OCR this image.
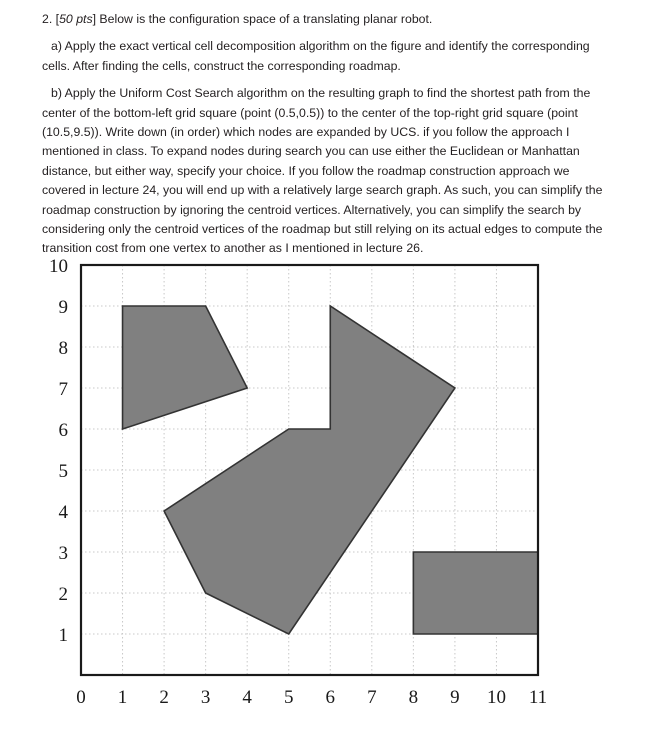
2. [50 pts] Below is the configuration space of a translating planar robot.

a) Apply the exact vertical cell decomposition algorithm on the figure and identify the corresponding cells. After finding the cells, construct the corresponding roadmap.

b) Apply the Uniform Cost Search algorithm on the resulting graph to find the shortest path from the center of the bottom-left grid square (point (0.5,0.5)) to the center of the top-right grid square (point (10.5,9.5)). Write down (in order) which nodes are expanded by UCS. if you follow the approach I mentioned in class. To expand nodes during search you can use either the Euclidean or Manhattan distance, but either way, specify your choice. If you follow the roadmap construction approach we covered in lecture 24, you will end up with a relatively large search graph. As such, you can simplify the roadmap construction by ignoring the centroid vertices. Alternatively, you can simplify the search by considering only the centroid vertices of the roadmap but still relying on its actual edges to compute the transition cost from one vertex to another as I mentioned in lecture 26.

0 1 2 3 4 5 6 7 8 9 10 11
1
2
3
4
5
6
7
8
9
10
